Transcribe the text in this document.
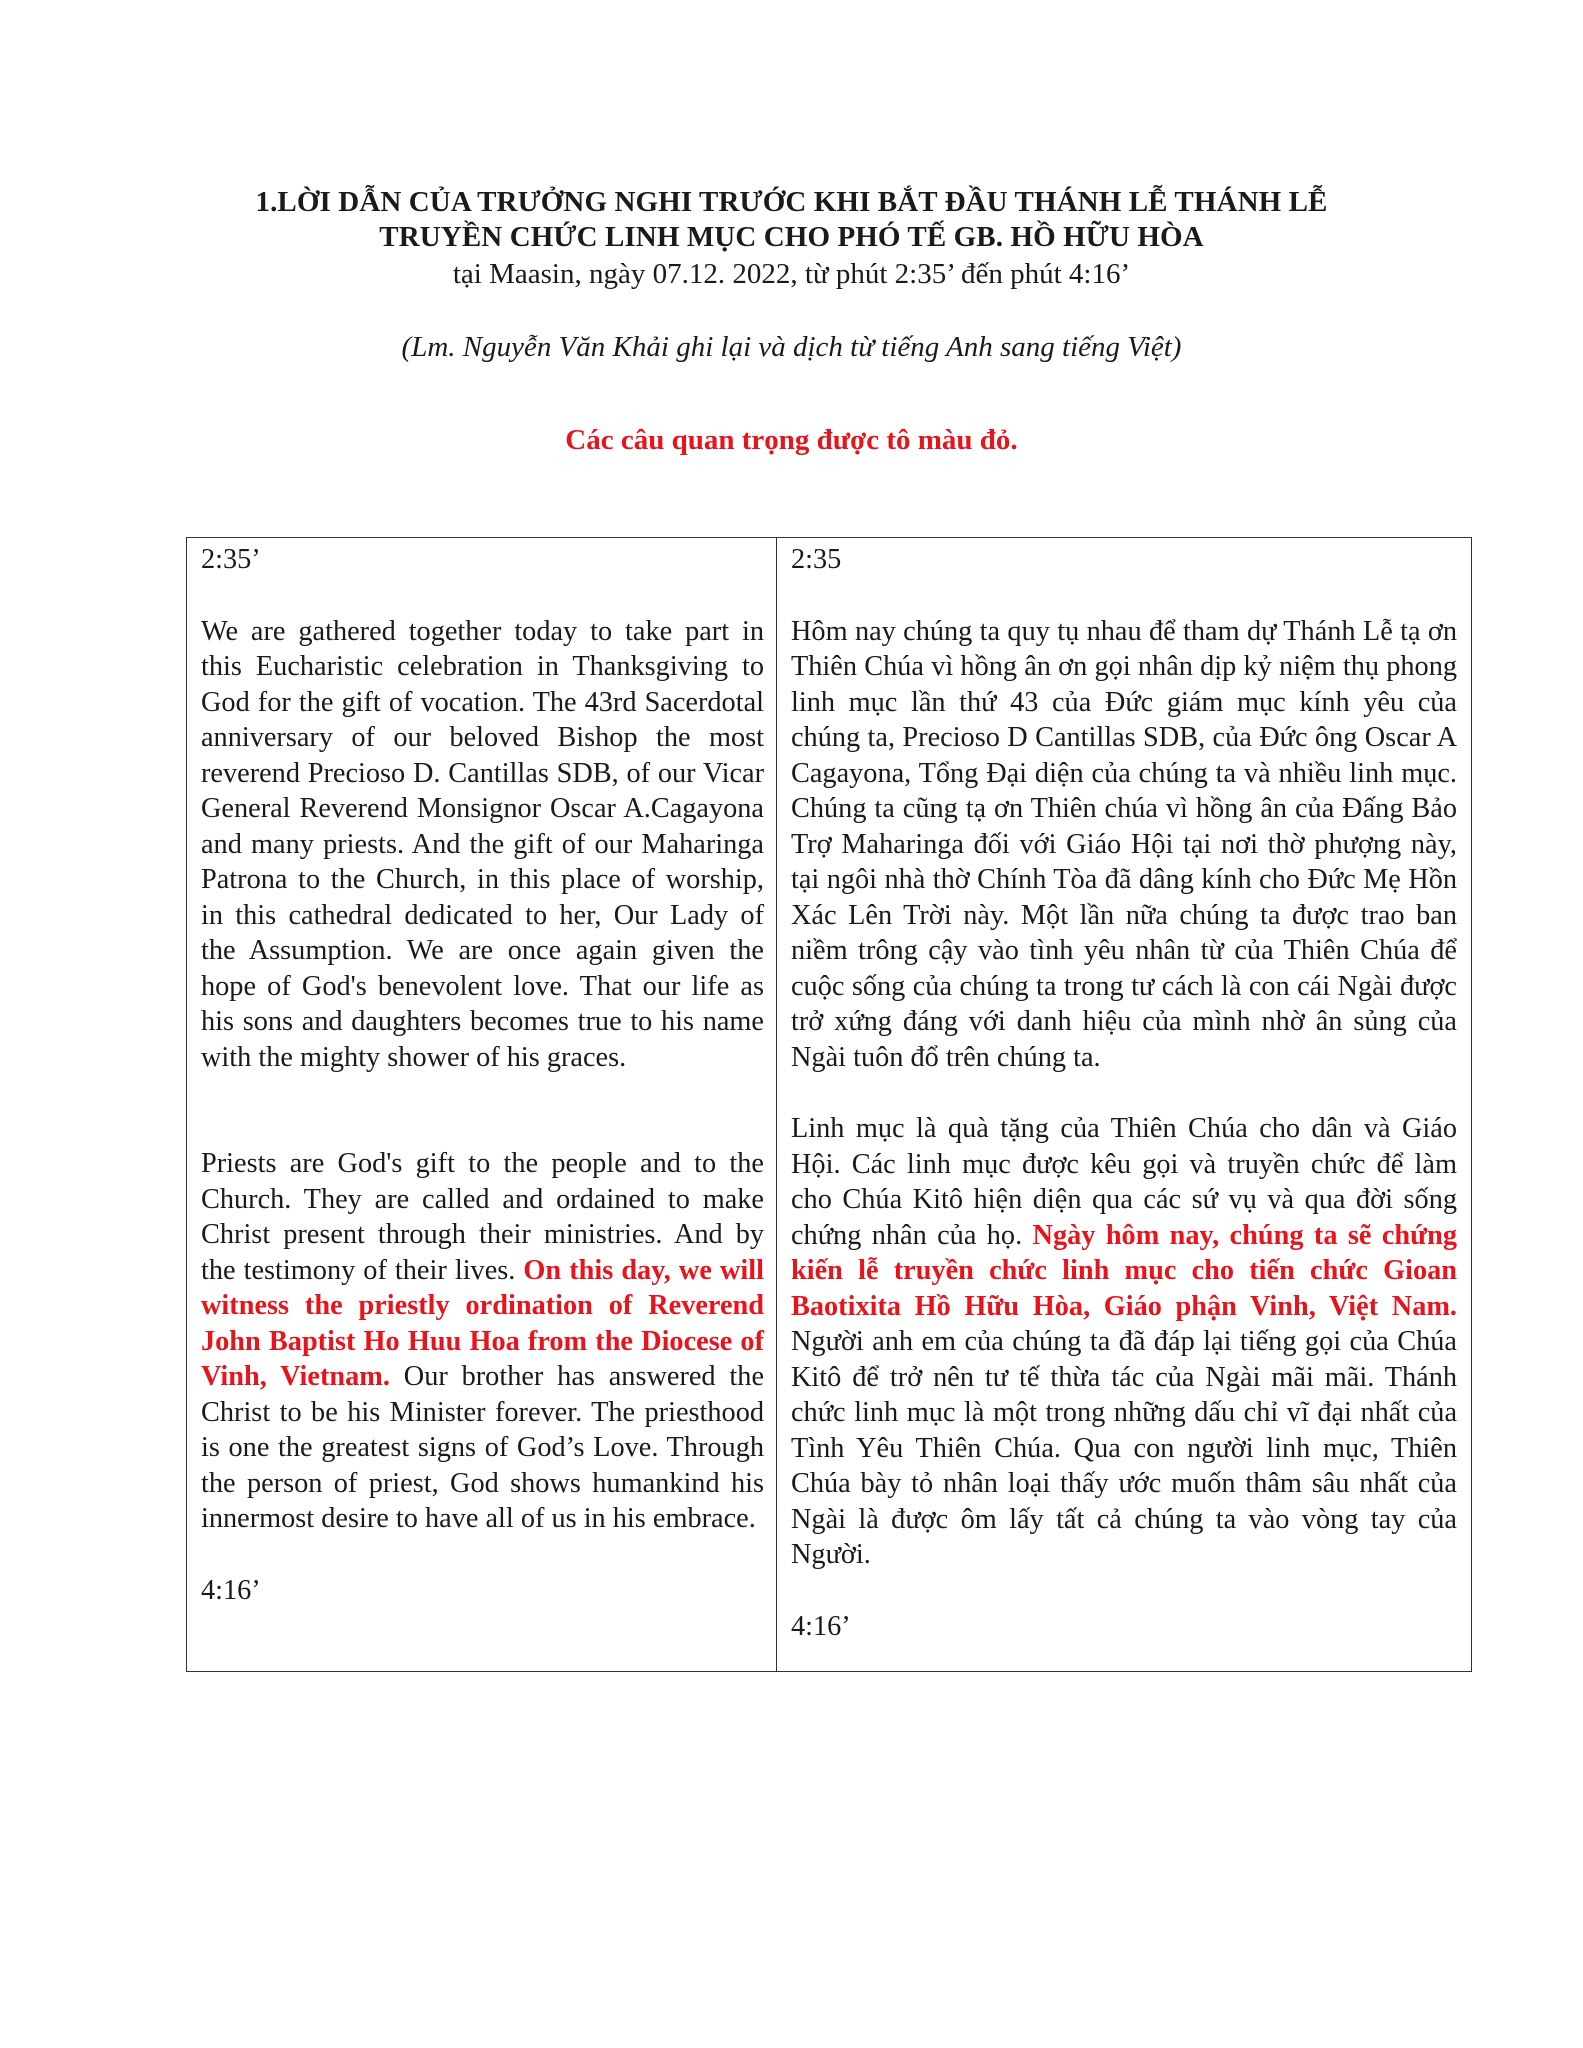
1.LỜI DẪN CỦA TRƯỞNG NGHI TRƯỚC KHI BẮT ĐẦU THÁNH LỄ THÁNH LỄ
TRUYỀN CHỨC LINH MỤC CHO PHÓ TẾ GB. HỒ HỮU HÒA
tại Maasin, ngày 07.12. 2022, từ phút 2:35’ đến phút 4:16’
(Lm. Nguyễn Văn Khải ghi lại và dịch từ tiếng Anh sang tiếng Việt)
Các câu quan trọng được tô màu đỏ.

2:35’

We are gathered together today to take part in this Eucharistic celebration in Thanksgiving to God for the gift of vocation. The 43rd Sacerdotal anniversary of our beloved Bishop the most reverend Precioso D. Cantillas SDB, of our Vicar General Reverend Monsignor Oscar A.Cagayona and many priests. And the gift of our Maharinga Patrona to the Church, in this place of worship, in this cathedral dedicated to her, Our Lady of the Assumption. We are once again given the hope of God's benevolent love. That our life as his sons and daughters becomes true to his name with the mighty shower of his graces.

Priests are God's gift to the people and to the Church. They are called and ordained to make Christ present through their ministries. And by the testimony of their lives. On this day, we will witness the priestly ordination of Reverend John Baptist Ho Huu Hoa from the Diocese of Vinh, Vietnam. Our brother has answered the Christ to be his Minister forever. The priesthood is one the greatest signs of God’s Love. Through the person of priest, God shows humankind his innermost desire to have all of us in his embrace.

4:16’

2:35

Hôm nay chúng ta quy tụ nhau để tham dự Thánh Lễ tạ ơn Thiên Chúa vì hồng ân ơn gọi nhân dịp kỷ niệm thụ phong linh mục lần thứ 43 của Đức giám mục kính yêu của chúng ta, Precioso D Cantillas SDB, của Đức ông Oscar A Cagayona, Tổng Đại diện của chúng ta và nhiều linh mục. Chúng ta cũng tạ ơn Thiên chúa vì hồng ân của Đấng Bảo Trợ Maharinga đối với Giáo Hội tại nơi thờ phượng này, tại ngôi nhà thờ Chính Tòa đã dâng kính cho Đức Mẹ Hồn Xác Lên Trời này. Một lần nữa chúng ta được trao ban niềm trông cậy vào tình yêu nhân từ của Thiên Chúa để cuộc sống của chúng ta trong tư cách là con cái Ngài được trở xứng đáng với danh hiệu của mình nhờ ân sủng của Ngài tuôn đổ trên chúng ta.

Linh mục là quà tặng của Thiên Chúa cho dân và Giáo Hội. Các linh mục được kêu gọi và truyền chức để làm cho Chúa Kitô hiện diện qua các sứ vụ và qua đời sống chứng nhân của họ. Ngày hôm nay, chúng ta sẽ chứng kiến lễ truyền chức linh mục cho tiến chức Gioan Baotixita Hồ Hữu Hòa, Giáo phận Vinh, Việt Nam. Người anh em của chúng ta đã đáp lại tiếng gọi của Chúa Kitô để trở nên tư tế thừa tác của Ngài mãi mãi. Thánh chức linh mục là một trong những dấu chỉ vĩ đại nhất của Tình Yêu Thiên Chúa. Qua con người linh mục, Thiên Chúa bày tỏ nhân loại thấy ước muốn thâm sâu nhất của Ngài là được ôm lấy tất cả chúng ta vào vòng tay của Người.

4:16’
